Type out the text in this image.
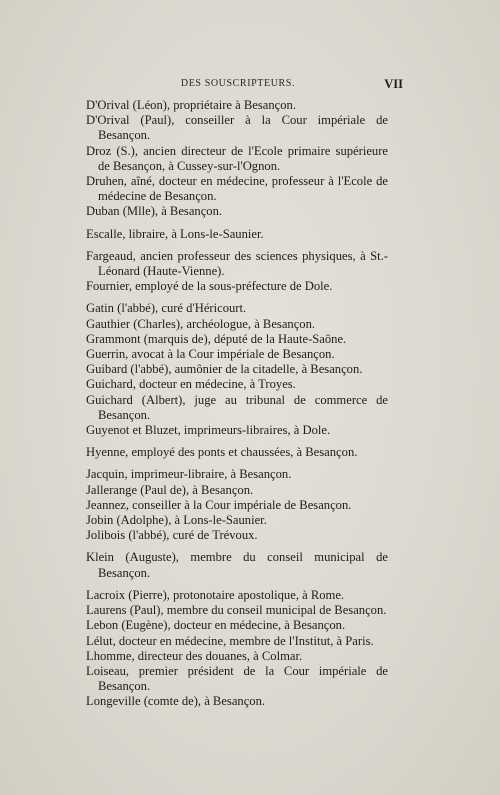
DES SOUSCRIPTEURS.	VII

D'Orival (Léon), propriétaire à Besançon.

D'Orival (Paul), conseiller à la Cour impériale de Besançon.

Droz (S.), ancien directeur de l'Ecole primaire supérieure de Besançon, à Cussey-sur-l'Ognon.

Druhen, aîné, docteur en médecine, professeur à l'Ecole de médecine de Besançon.

Duban (Mlle), à Besançon.

Escalle, libraire, à Lons-le-Saunier.

Fargeaud, ancien professeur des sciences physiques, à St.-Léonard (Haute-Vienne).

Fournier, employé de la sous-préfecture de Dole.

Gatin (l'abbé), curé d'Héricourt.

Gauthier (Charles), archéologue, à Besançon.

Grammont (marquis de), député de la Haute-Saône.

Guerrin, avocat à la Cour impériale de Besançon.

Guibard (l'abbé), aumônier de la citadelle, à Besançon.

Guichard, docteur en médecine, à Troyes.

Guichard (Albert), juge au tribunal de commerce de Besançon.

Guyenot et Bluzet, imprimeurs-libraires, à Dole.

Hyenne, employé des ponts et chaussées, à Besançon.

Jacquin, imprimeur-libraire, à Besançon.

Jallerange (Paul de), à Besançon.

Jeannez, conseiller à la Cour impériale de Besançon.

Jobin (Adolphe), à Lons-le-Saunier.

Jolibois (l'abbé), curé de Trévoux.

Klein (Auguste), membre du conseil municipal de Besançon.

Lacroix (Pierre), protonotaire apostolique, à Rome.

Laurens (Paul), membre du conseil municipal de Besançon.

Lebon (Eugène), docteur en médecine, à Besançon.

Lélut, docteur en médecine, membre de l'Institut, à Paris.

Lhomme, directeur des douanes, à Colmar.

Loiseau, premier président de la Cour impériale de Besançon.

Longeville (comte de), à Besançon.
